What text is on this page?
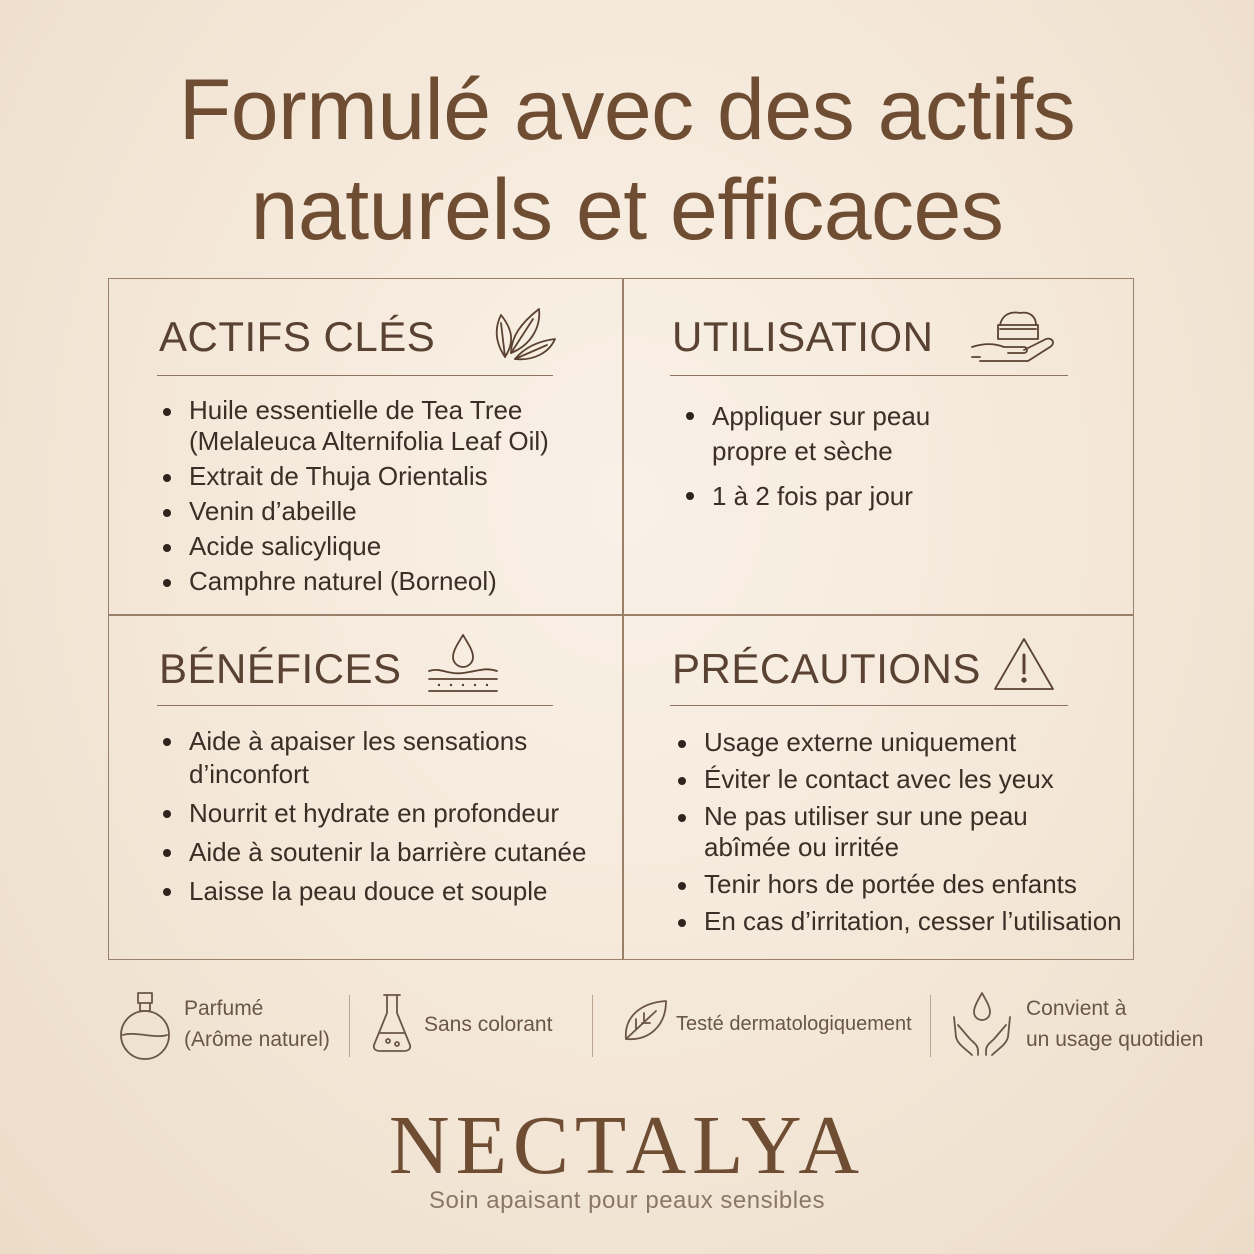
Formulé avec des actifs
naturels et efficaces
ACTIFS CLÉS
Huile essentielle de Tea Tree (Melaleuca Alternifolia Leaf Oil)
Extrait de Thuja Orientalis
Venin d’abeille
Acide salicylique
Camphre naturel (Borneol)
UTILISATION
Appliquer sur peau propre et sèche
1 à 2 fois par jour
BÉNÉFICES
Aide à apaiser les sensations d’inconfort
Nourrit et hydrate en profondeur
Aide à soutenir la barrière cutanée
Laisse la peau douce et souple
PRÉCAUTIONS
Usage externe uniquement
Éviter le contact avec les yeux
Ne pas utiliser sur une peau abîmée ou irritée
Tenir hors de portée des enfants
En cas d’irritation, cesser l’utilisation
Parfumé
(Arôme naturel)
Sans colorant	Testé dermatologiquement
Convient à
un usage quotidien
NECTALYA
Soin apaisant pour peaux sensibles
